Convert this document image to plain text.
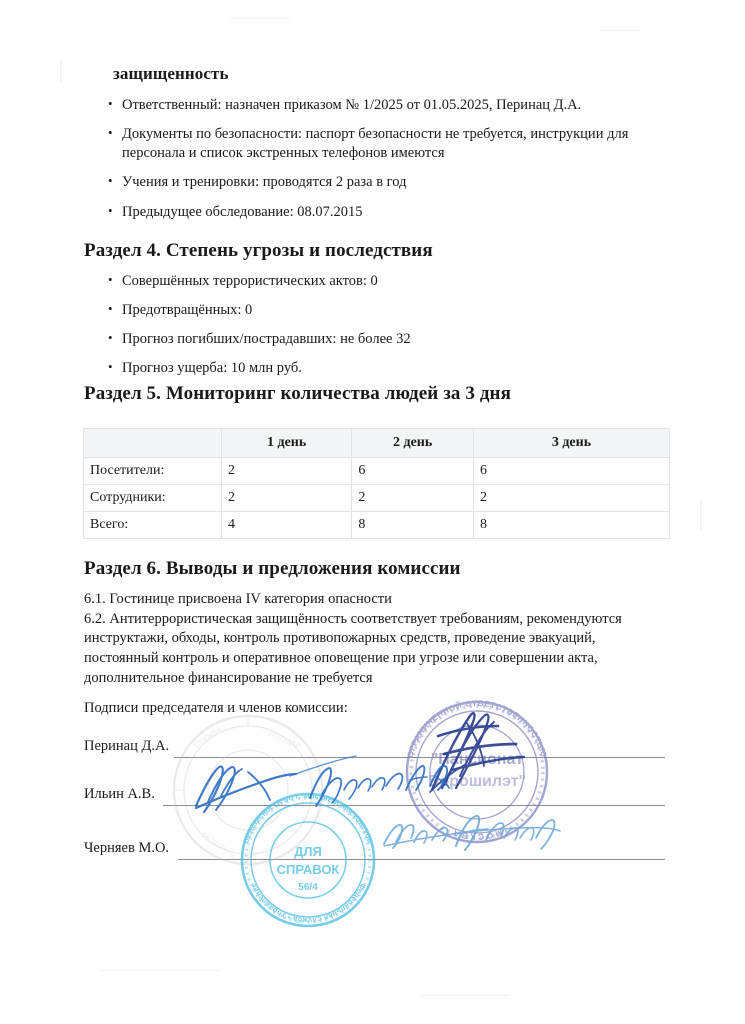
защищенность
• Ответственный: назначен приказом № 1/2025 от 01.05.2025, Перинац Д.А.
• Документы по безопасности: паспорт безопасности не требуется, инструкции для персонала и список экстренных телефонов имеются
• Учения и тренировки: проводятся 2 раза в год
• Предыдущее обследование: 08.07.2015
Раздел 4. Степень угрозы и последствия
• Совершённых террористических актов: 0
• Предотвращённых: 0
• Прогноз погибших/пострадавших: не более 32
• Прогноз ущерба: 10 млн руб.
Раздел 5. Мониторинг количества людей за 3 дня
	1 день	2 день	3 день
Посетители:	2	6	6
Сотрудники:	2	2	2
Всего:	4	8	8
Раздел 6. Выводы и предложения комиссии

6.1. Гостинице присвоена IV категория опасности

6.2. Антитеррористическая защищённость соответствует требованиям, рекомендуются инструктажи, обходы, контроль противопожарных средств, проведение эвакуаций, постоянный контроль и оперативное оповещение при угрозе или совершении акта, дополнительное финансирование не требуется

Подписи председателя и членов комиссии:
Перинац Д.А.
Ильин А.В.
Черняев М.О.
СЛУЖБА	ГОСУДАР
ФЕДЕРАЛЬ
ОГРАНИЧЕННОЙ ОТВЕТСТВЕННОСТЬЮ
МОСКВА
"Пансионат
Ворошилэт"
безопасности по г. Москве и Московской
Федеральная служба • Управление
ДЛЯ
СПРАВОК
56/4
